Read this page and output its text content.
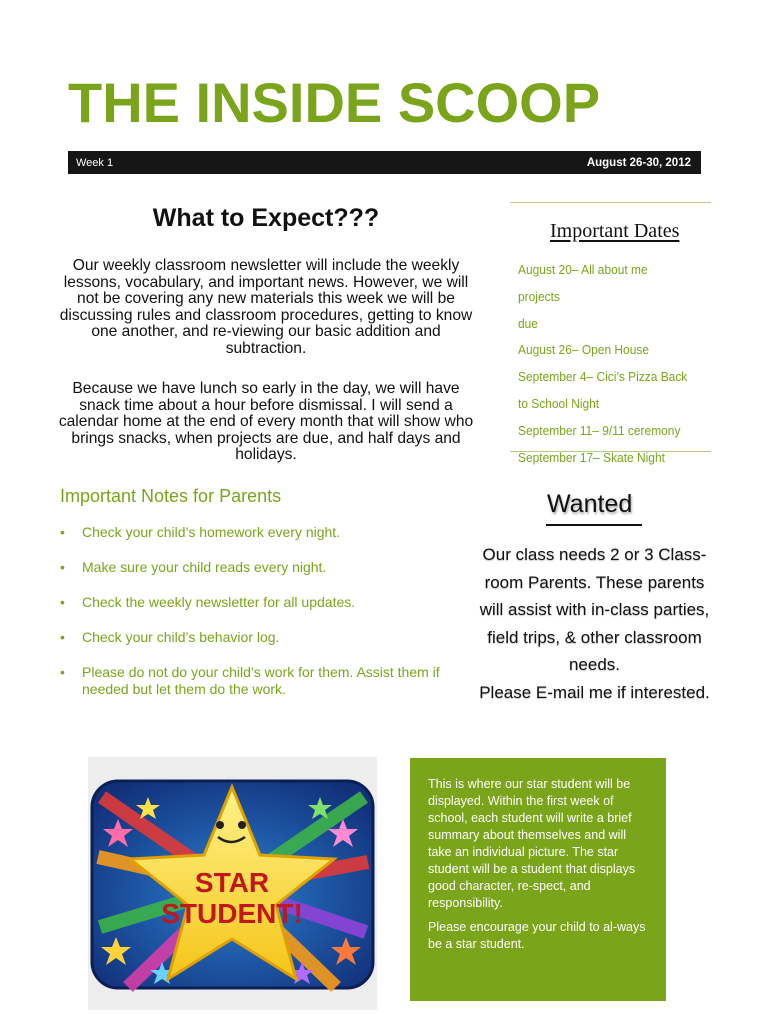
THE INSIDE SCOOP
Week 1	August 26-30, 2012
What to Expect???

Our weekly classroom newsletter will include the weekly lessons, vocabulary, and important news. However, we will not be covering any new materials this week we will be discussing rules and classroom procedures, getting to know one another, and re-viewing our basic addition and subtraction.

Because we have lunch so early in the day, we will have snack time about a hour before dismissal. I will send a calendar home at the end of every month that will show who brings snacks, when projects are due, and half days and holidays.

Important Notes for Parents
• Check your child’s homework every night.
• Make sure your child reads every night.
• Check the weekly newsletter for all updates.
• Check your child’s behavior log.
• Please do not do your child’s work for them. Assist them if needed but let them do the work.
Important Dates
August 20– All about me projects
due
August 26– Open House
September 4– Cici’s Pizza Back
to School Night
September 11– 9/11 ceremony
September 17– Skate Night
Wanted
Our class needs 2 or 3 Class-
room Parents. These parents
will assist with in-class parties,
field trips, & other classroom
needs.
Please E-mail me if interested.
STAR
STUDENT!

This is where our star student will be displayed. Within the first week of school, each student will write a brief summary about themselves and will take an individual picture. The star student will be a student that displays good character, re-spect, and responsibility.

Please encourage your child to al-ways be a star student.
